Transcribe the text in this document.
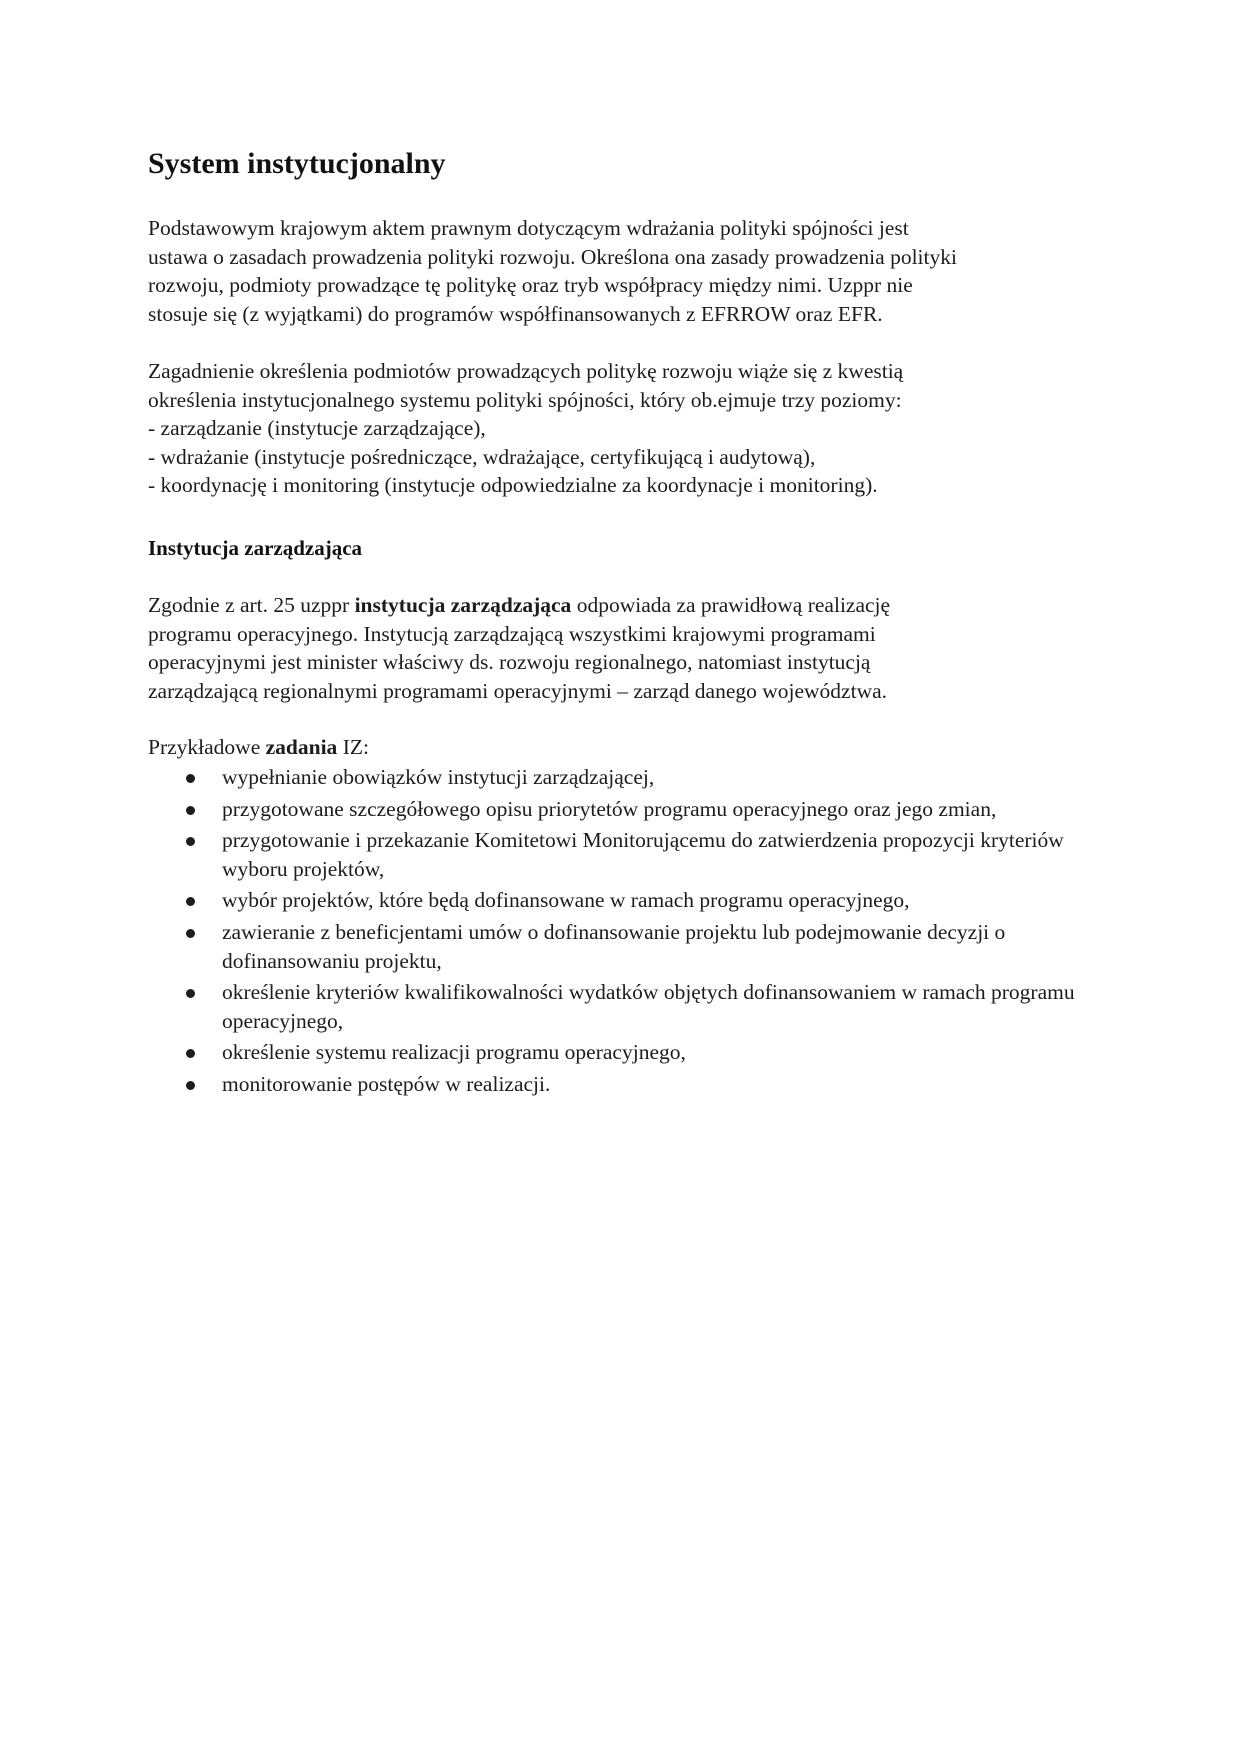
System instytucjonalny

Podstawowym krajowym aktem prawnym dotyczącym wdrażania polityki spójności jest
ustawa o zasadach prowadzenia polityki rozwoju. Określona ona zasady prowadzenia polityki
rozwoju, podmioty prowadzące tę politykę oraz tryb współpracy między nimi. Uzppr nie
stosuje się (z wyjątkami) do programów współfinansowanych z EFRROW oraz EFR.

Zagadnienie określenia podmiotów prowadzących politykę rozwoju wiąże się z kwestią
określenia instytucjonalnego systemu polityki spójności, który ob.ejmuje trzy poziomy:
- zarządzanie (instytucje zarządzające),
- wdrażanie (instytucje pośredniczące, wdrażające, certyfikującą i audytową),
- koordynację i monitoring (instytucje odpowiedzialne za koordynacje i monitoring).

Instytucja zarządzająca

Zgodnie z art. 25 uzppr instytucja zarządzająca odpowiada za prawidłową realizację
programu operacyjnego. Instytucją zarządzającą wszystkimi krajowymi programami
operacyjnymi jest minister właściwy ds. rozwoju regionalnego, natomiast instytucją
zarządzającą regionalnymi programami operacyjnymi – zarząd danego województwa.

Przykładowe zadania IZ:

wypełnianie obowiązków instytucji zarządzającej,
przygotowane szczegółowego opisu priorytetów programu operacyjnego oraz jego zmian,
przygotowanie i przekazanie Komitetowi Monitorującemu do zatwierdzenia propozycji kryteriów wyboru projektów,
wybór projektów, które będą dofinansowane w ramach programu operacyjnego,
zawieranie z beneficjentami umów o dofinansowanie projektu lub podejmowanie decyzji o dofinansowaniu projektu,
określenie kryteriów kwalifikowalności wydatków objętych dofinansowaniem w ramach programu operacyjnego,
określenie systemu realizacji programu operacyjnego,
monitorowanie postępów w realizacji.
